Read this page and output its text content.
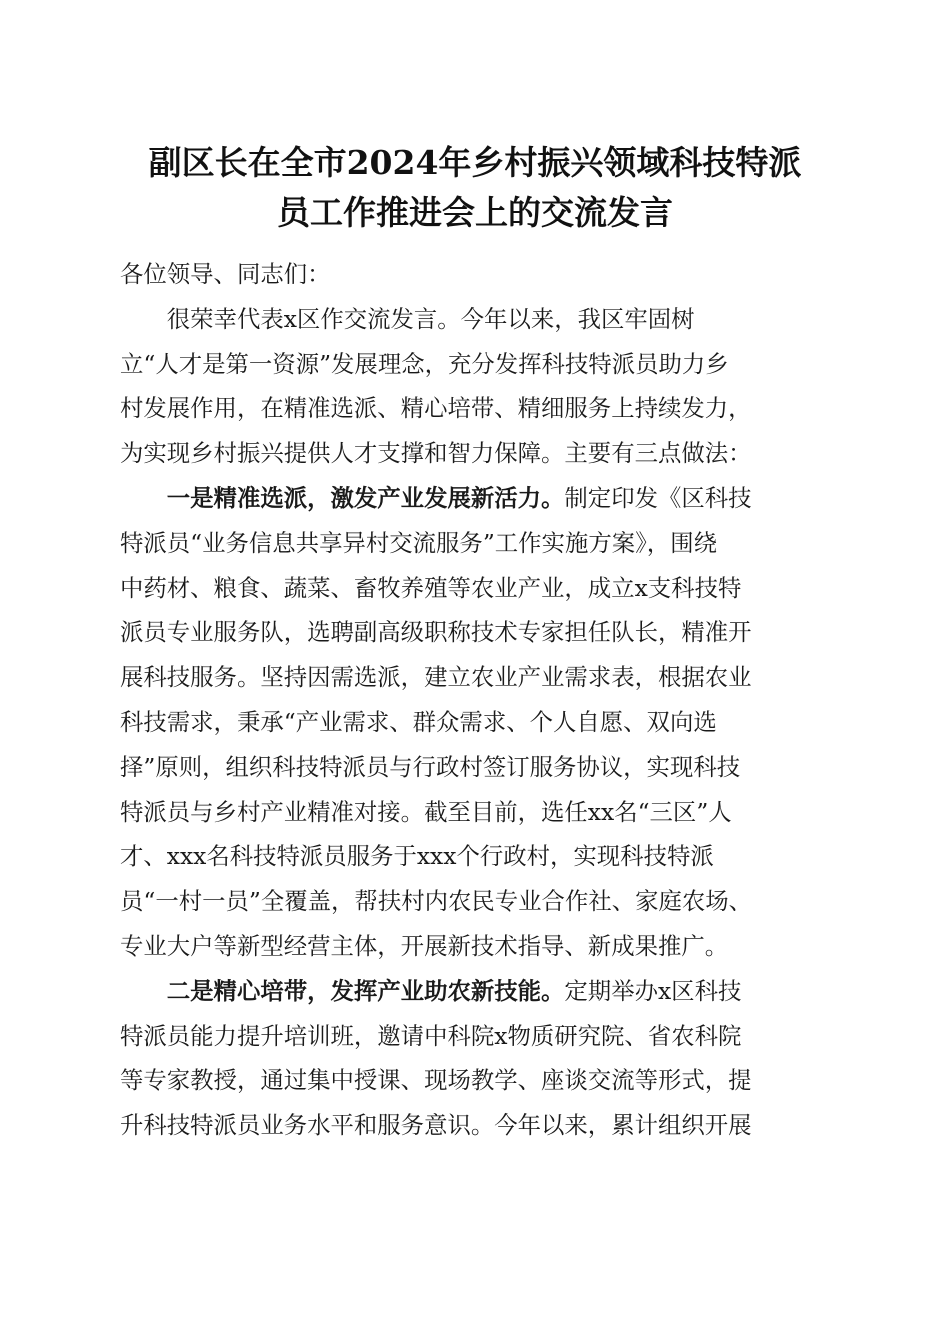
副区长在全市2024年乡村振兴领域科技特派
员工作推进会上的交流发言
各位领导、同志们：
　　很荣幸代表x区作交流发言。今年以来，我区牢固树
立“人才是第一资源”发展理念，充分发挥科技特派员助力乡
村发展作用，在精准选派、精心培带、精细服务上持续发力，
为实现乡村振兴提供人才支撑和智力保障。主要有三点做法：
　　一是精准选派，激发产业发展新活力。制定印发《区科技
特派员“业务信息共享异村交流服务”工作实施方案》，围绕
中药材、粮食、蔬菜、畜牧养殖等农业产业，成立x支科技特
派员专业服务队，选聘副高级职称技术专家担任队长，精准开
展科技服务。坚持因需选派，建立农业产业需求表，根据农业
科技需求，秉承“产业需求、群众需求、个人自愿、双向选
择”原则，组织科技特派员与行政村签订服务协议，实现科技
特派员与乡村产业精准对接。截至目前，选任xx名“三区”人
才、xxx名科技特派员服务于xxx个行政村，实现科技特派
员“一村一员”全覆盖，帮扶村内农民专业合作社、家庭农场、
专业大户等新型经营主体，开展新技术指导、新成果推广。
　　二是精心培带，发挥产业助农新技能。定期举办x区科技
特派员能力提升培训班，邀请中科院x物质研究院、省农科院
等专家教授，通过集中授课、现场教学、座谈交流等形式，提
升科技特派员业务水平和服务意识。今年以来，累计组织开展
